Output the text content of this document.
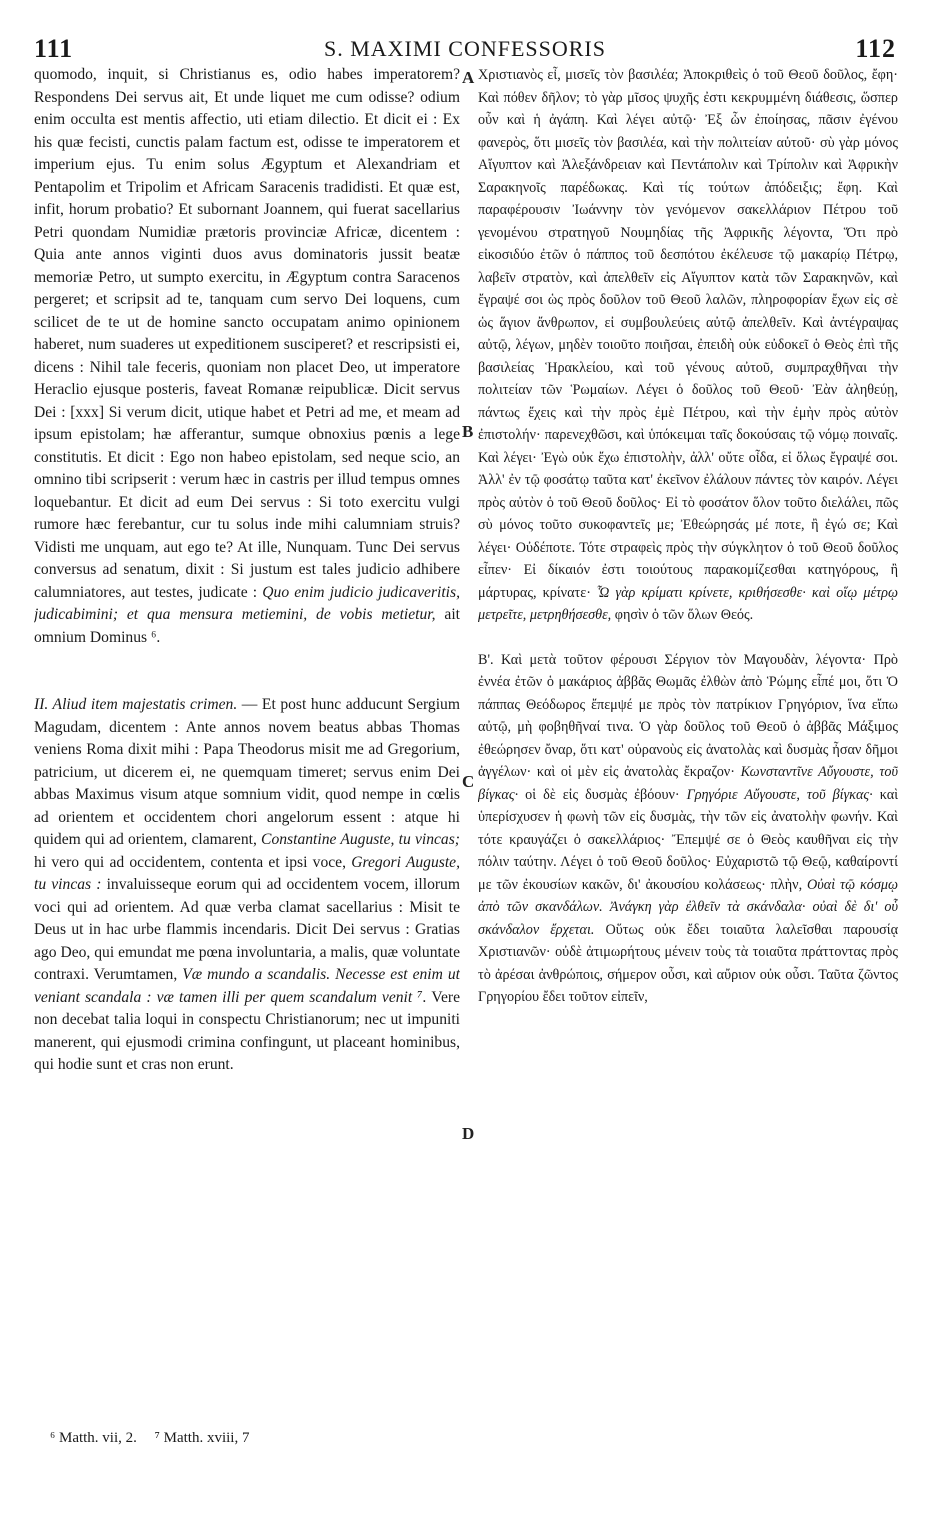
111	S. MAXIMI CONFESSORIS	112

quomodo, inquit, si Christianus es, odio habes imperatorem? Respondens Dei servus ait, Et unde liquet me cum odisse? odium enim occulta est mentis affectio, uti etiam dilectio. Et dicit ei : Ex his quæ fecisti, cunctis palam factum est, odisse te imperatorem et imperium ejus. Tu enim solus Ægyptum et Alexandriam et Pentapolim et Tripolim et Africam Saracenis tradidisti. Et quæ est, infit, horum probatio? Et subornant Joannem, qui fuerat sacellarius Petri quondam Numidiæ prætoris provinciæ Africæ, dicentem : Quia ante annos viginti duos avus dominatoris jussit beatæ memoriæ Petro, ut sumpto exercitu, in Ægyptum contra Saracenos pergeret; et scripsit ad te, tanquam cum servo Dei loquens, cum scilicet de te ut de homine sancto occupatam animo opinionem haberet, num suaderes ut expeditionem susciperet? et rescripsisti ei, dicens : Nihil tale feceris, quoniam non placet Deo, ut imperatore Heraclio ejusque posteris, faveat Romanæ reipublicæ. Dicit servus Dei : [xxx] Si verum dicit, utique habet et Petri ad me, et meam ad ipsum epistolam; hæ afferantur, sumque obnoxius pœnis a lege constitutis. Et dicit : Ego non habeo epistolam, sed neque scio, an omnino tibi scripserit : verum hæc in castris per illud tempus omnes loquebantur. Et dicit ad eum Dei servus : Si toto exercitu vulgi rumore hæc ferebantur, cur tu solus inde mihi calumniam struis? Vidisti me unquam, aut ego te? At ille, Nunquam. Tunc Dei servus conversus ad senatum, dixit : Si justum est tales judicio adhibere calumniatores, aut testes, judicate : Quo enim judicio judicaveritis, judicabimini; et qua mensura metiemini, de vobis metietur, ait omnium Dominus ⁶.

II. Aliud item majestatis crimen. — Et post hunc adducunt Sergium Magudam, dicentem : Ante annos novem beatus abbas Thomas veniens Roma dixit mihi : Papa Theodorus misit me ad Gregorium, patricium, ut dicerem ei, ne quemquam timeret; servus enim Dei abbas Maximus visum atque somnium vidit, quod nempe in cœlis ad orientem et occidentem chori angelorum essent : atque hi quidem qui ad orientem, clamarent, Constantine Auguste, tu vincas; hi vero qui ad occidentem, contenta et ipsi voce, Gregori Auguste, tu vincas : invaluisseque eorum qui ad occidentem vocem, illorum voci qui ad orientem. Ad quæ verba clamat sacellarius : Misit te Deus ut in hac urbe flammis incendaris. Dicit Dei servus : Gratias ago Deo, qui emundat me pœna involuntaria, a malis, quæ voluntate contraxi. Verumtamen, Væ mundo a scandalis. Necesse est enim ut veniant scandala : væ tamen illi per quem scandalum venit ⁷. Vere non decebat talia loqui in conspectu Christianorum; nec ut impuniti manerent, qui ejusmodi crimina confingunt, ut placeant hominibus, qui hodie sunt et cras non erunt.

A
B
C
D

Χριστιανὸς εἶ, μισεῖς τὸν βασιλέα; Ἀποκριθεὶς ὁ τοῦ Θεοῦ δοῦλος, ἔφη· Καὶ πόθεν δῆλον; τὸ γὰρ μῖσος ψυχῆς ἐστι κεκρυμμένη διάθεσις, ὥσπερ οὖν καὶ ἡ ἀγάπη. Καὶ λέγει αὐτῷ· Ἐξ ὧν ἐποίησας, πᾶσιν ἐγένου φανερὸς, ὅτι μισεῖς τὸν βασιλέα, καὶ τὴν πολιτείαν αὐτοῦ· σὺ γὰρ μόνος Αἴγυπτον καὶ Ἀλεξάνδρειαν καὶ Πεντάπολιν καὶ Τρίπολιν καὶ Ἀφρικὴν Σαρακηνοῖς παρέδωκας. Καὶ τίς τούτων ἀπόδειξις; ἔφη. Καὶ παραφέρουσιν Ἰωάννην τὸν γενόμενον σακελλάριον Πέτρου τοῦ γενομένου στρατηγοῦ Νουμηδίας τῆς Ἀφρικῆς λέγοντα, Ὅτι πρὸ εἰκοσιδύο ἐτῶν ὁ πάππος τοῦ δεσπότου ἐκέλευσε τῷ μακαρίῳ Πέτρῳ, λαβεῖν στρατὸν, καὶ ἀπελθεῖν εἰς Αἴγυπτον κατὰ τῶν Σαρακηνῶν, καὶ ἔγραψέ σοι ὡς πρὸς δοῦλον τοῦ Θεοῦ λαλῶν, πληροφορίαν ἔχων εἰς σὲ ὡς ἅγιον ἄνθρωπον, εἰ συμβουλεύεις αὐτῷ ἀπελθεῖν. Καὶ ἀντέγραψας αὐτῷ, λέγων, μηδὲν τοιοῦτο ποιῆσαι, ἐπειδὴ οὐκ εὐδοκεῖ ὁ Θεὸς ἐπὶ τῆς βασιλείας Ἡρακλείου, καὶ τοῦ γένους αὐτοῦ, συμπραχθῆναι τὴν πολιτείαν τῶν Ῥωμαίων. Λέγει ὁ δοῦλος τοῦ Θεοῦ· Ἐὰν ἀληθεύῃ, πάντως ἔχεις καὶ τὴν πρὸς ἐμὲ Πέτρου, καὶ τὴν ἐμὴν πρὸς αὐτὸν ἐπιστολήν· παρενεχθῶσι, καὶ ὑπόκειμαι ταῖς δοκούσαις τῷ νόμῳ ποιναῖς. Καὶ λέγει· Ἐγὼ οὐκ ἔχω ἐπιστολὴν, ἀλλ' οὔτε οἶδα, εἰ ὅλως ἔγραψέ σοι. Ἀλλ' ἐν τῷ φοσάτῳ ταῦτα κατ' ἐκεῖνον ἐλάλουν πάντες τὸν καιρόν. Λέγει πρὸς αὐτὸν ὁ τοῦ Θεοῦ δοῦλος· Εἰ τὸ φοσάτον ὅλον τοῦτο διελάλει, πῶς σὺ μόνος τοῦτο συκοφαντεῖς με; Ἐθεώρησάς μέ ποτε, ἢ ἐγώ σε; Καὶ λέγει· Οὐδέποτε. Τότε στραφεὶς πρὸς τὴν σύγκλητον ὁ τοῦ Θεοῦ δοῦλος εἶπεν· Εἰ δίκαιόν ἐστι τοιούτους παρακομίζεσθαι κατηγόρους, ἢ μάρτυρας, κρίνατε· Ὧ γὰρ κρίματι κρίνετε, κριθήσεσθε· καὶ οἵῳ μέτρῳ μετρεῖτε, μετρηθήσεσθε, φησὶν ὁ τῶν ὅλων Θεός.

Β'. Καὶ μετὰ τοῦτον φέρουσι Σέργιον τὸν Μαγουδὰν, λέγοντα· Πρὸ ἐννέα ἐτῶν ὁ μακάριος ἀββᾶς Θωμᾶς ἐλθὼν ἀπὸ Ῥώμης εἶπέ μοι, ὅτι Ὁ πάππας Θεόδωρος ἔπεμψέ με πρὸς τὸν πατρίκιον Γρηγόριον, ἵνα εἴπω αὐτῷ, μὴ φοβηθῆναί τινα. Ὁ γὰρ δοῦλος τοῦ Θεοῦ ὁ ἀββᾶς Μάξιμος ἐθεώρησεν ὄναρ, ὅτι κατ' οὐρανοὺς εἰς ἀνατολὰς καὶ δυσμὰς ἦσαν δῆμοι ἀγγέλων· καὶ οἱ μὲν εἰς ἀνατολὰς ἔκραζον· Κωνσταντῖνε Αὔγουστε, τοῦ βίγκας· οἱ δὲ εἰς δυσμὰς ἐβόουν· Γρηγόριε Αὔγουστε, τοῦ βίγκας· καὶ ὑπερίσχυσεν ἡ φωνὴ τῶν εἰς δυσμὰς, τὴν τῶν εἰς ἀνατολὴν φωνήν. Καὶ τότε κραυγάζει ὁ σακελλάριος· Ἔπεμψέ σε ὁ Θεὸς καυθῆναι εἰς τὴν πόλιν ταύτην. Λέγει ὁ τοῦ Θεοῦ δοῦλος· Εὐχαριστῶ τῷ Θεῷ, καθαίροντί με τῶν ἐκουσίων κακῶν, δι' ἀκουσίου κολάσεως· πλὴν, Οὐαὶ τῷ κόσμῳ ἀπὸ τῶν σκανδάλων. Ἀνάγκη γὰρ ἐλθεῖν τὰ σκάνδαλα· οὐαὶ δὲ δι' οὗ σκάνδαλον ἔρχεται. Οὕτως οὐκ ἔδει τοιαῦτα λαλεῖσθαι παρουσίᾳ Χριστιανῶν· οὐδὲ ἀτιμωρήτους μένειν τοὺς τὰ τοιαῦτα πράττοντας πρὸς τὸ ἀρέσαι ἀνθρώποις, σήμερον οὖσι, καὶ αὔριον οὐκ οὖσι. Ταῦτα ζῶντος Γρηγορίου ἔδει τοῦτον εἰπεῖν,

⁶ Matth. vii, 2. ⁷ Matth. xviii, 7
